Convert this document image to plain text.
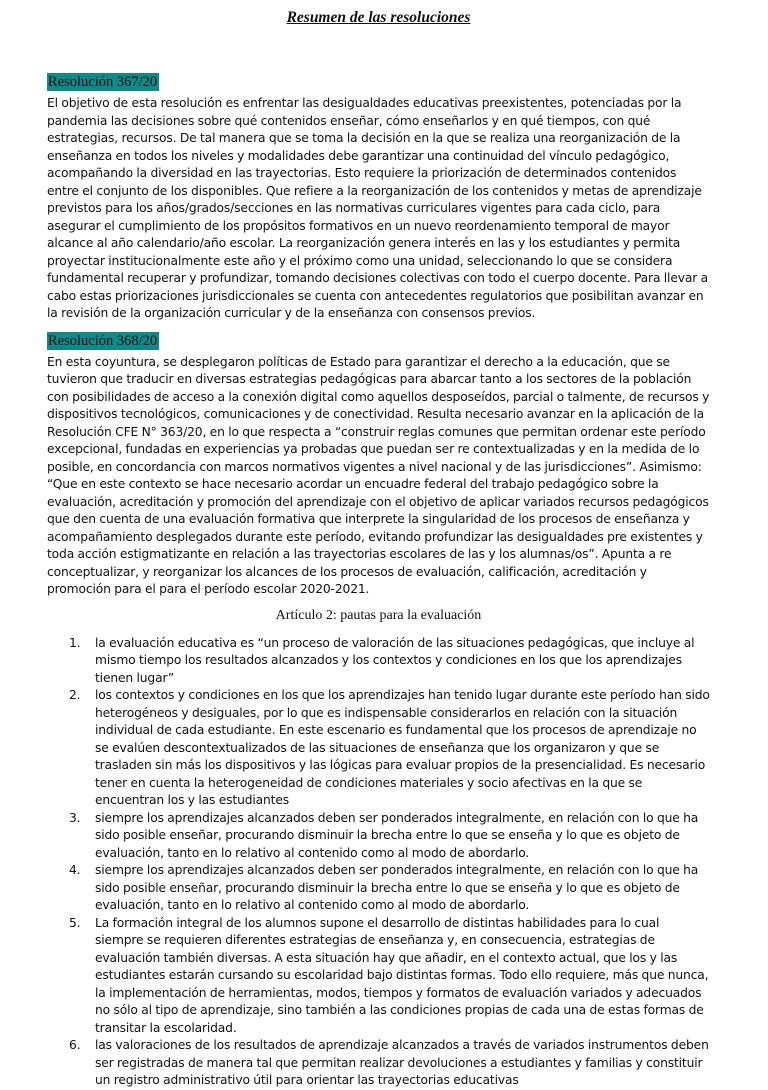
Resumen de las resoluciones
Resolución 367/20

El objetivo de esta resolución es enfrentar las desigualdades educativas preexistentes, potenciadas por la pandemia las decisiones sobre qué contenidos enseñar, cómo enseñarlos y en qué tiempos, con qué estrategias, recursos. De tal manera que se toma la decisión en la que se realiza una reorganización de la enseñanza en todos los niveles y modalidades debe garantizar una continuidad del vínculo pedagógico, acompañando la diversidad en las trayectorias. Esto requiere la priorización de determinados contenidos entre el conjunto de los disponibles. Que refiere a la reorganización de los contenidos y metas de aprendizaje previstos para los años/grados/secciones en las normativas curriculares vigentes para cada ciclo, para asegurar el cumplimiento de los propósitos formativos en un nuevo reordenamiento temporal de mayor alcance al año calendario/año escolar. La reorganización genera interés en las y los estudiantes y permita proyectar institucionalmente este año y el próximo como una unidad, seleccionando lo que se considera fundamental recuperar y profundizar, tomando decisiones colectivas con todo el cuerpo docente. Para llevar a cabo estas priorizaciones jurisdiccionales se cuenta con antecedentes regulatorios que posibilitan avanzar en la revisión de la organización curricular y de la enseñanza con consensos previos.

Resolución 368/20

En esta coyuntura, se desplegaron políticas de Estado para garantizar el derecho a la educación, que se tuvieron que traducir en diversas estrategias pedagógicas para abarcar tanto a los sectores de la población con posibilidades de acceso a la conexión digital como aquellos desposeídos, parcial o talmente, de recursos y dispositivos tecnológicos, comunicaciones y de conectividad. Resulta necesario avanzar en la aplicación de la Resolución CFE N° 363/20, en lo que respecta a “construir reglas comunes que permitan ordenar este período excepcional, fundadas en experiencias ya probadas que puedan ser re contextualizadas y en la medida de lo posible, en concordancia con marcos normativos vigentes a nivel nacional y de las jurisdicciones”. Asimismo: “Que en este contexto se hace necesario acordar un encuadre federal del trabajo pedagógico sobre la evaluación, acreditación y promoción del aprendizaje con el objetivo de aplicar variados recursos pedagógicos que den cuenta de una evaluación formativa que interprete la singularidad de los procesos de enseñanza y acompañamiento desplegados durante este período, evitando profundizar las desigualdades pre existentes y toda acción estigmatizante en relación a las trayectorias escolares de las y los alumnas/os”. Apunta a re conceptualizar, y reorganizar los alcances de los procesos de evaluación, calificación, acreditación y promoción para el para el período escolar 2020-2021.

Artículo 2: pautas para la evaluación
1.	la evaluación educativa es “un proceso de valoración de las situaciones pedagógicas, que incluye al mismo tiempo los resultados alcanzados y los contextos y condiciones en los que los aprendizajes tienen lugar”
2.	los contextos y condiciones en los que los aprendizajes han tenido lugar durante este período han sido heterogéneos y desiguales, por lo que es indispensable considerarlos en relación con la situación individual de cada estudiante. En este escenario es fundamental que los procesos de aprendizaje no se evalúen descontextualizados de las situaciones de enseñanza que los organizaron y que se trasladen sin más los dispositivos y las lógicas para evaluar propios de la presencialidad. Es necesario tener en cuenta la heterogeneidad de condiciones materiales y socio afectivas en la que se encuentran los y las estudiantes
3.	siempre los aprendizajes alcanzados deben ser ponderados integralmente, en relación con lo que ha sido posible enseñar, procurando disminuir la brecha entre lo que se enseña y lo que es objeto de evaluación, tanto en lo relativo al contenido como al modo de abordarlo.
4.	siempre los aprendizajes alcanzados deben ser ponderados integralmente, en relación con lo que ha sido posible enseñar, procurando disminuir la brecha entre lo que se enseña y lo que es objeto de evaluación, tanto en lo relativo al contenido como al modo de abordarlo.
5.	La formación integral de los alumnos supone el desarrollo de distintas habilidades para lo cual siempre se requieren diferentes estrategias de enseñanza y, en consecuencia, estrategias de evaluación también diversas. A esta situación hay que añadir, en el contexto actual, que los y las estudiantes estarán cursando su escolaridad bajo distintas formas. Todo ello requiere, más que nunca, la implementación de herramientas, modos, tiempos y formatos de evaluación variados y adecuados no sólo al tipo de aprendizaje, sino también a las condiciones propias de cada una de estas formas de transitar la escolaridad.
6.	las valoraciones de los resultados de aprendizaje alcanzados a través de variados instrumentos deben ser registradas de manera tal que permitan realizar devoluciones a estudiantes y familias y constituir un registro administrativo útil para orientar las trayectorias educativas
